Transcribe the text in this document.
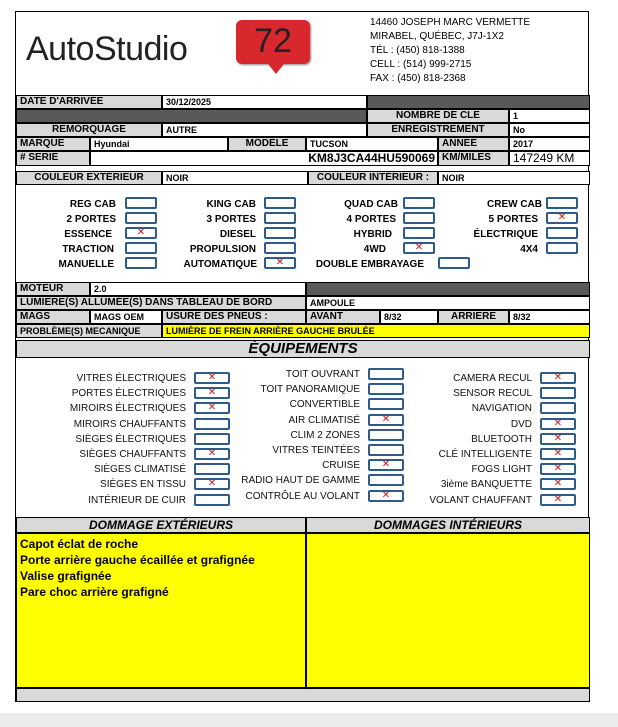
AutoStudio	72	14460 JOSEPH MARC VERMETTE
MIRABEL, QUÉBEC, J7J-1X2
TÉL : (450) 818-1388
CELL : (514) 999-2715
FAX : (450) 818-2368
DATE D'ARRIVÉE	30/12/2025
NOMBRE DE CLE	1
REMORQUAGE	AUTRE	ENREGISTREMENT	No
MARQUE	Hyundai	MODELE	TUCSON	ANNEE	2017
# SERIE	KM8J3CA44HU590069 KM/MILES	147249 KM
COULEUR EXTÉRIEUR	NOIR	COULEUR INTÉRIEUR :	NOIR
REG CAB	KING CAB	QUAD CAB	CREW CAB
2 PORTES	3 PORTES	4 PORTES	5 PORTES	✕
ESSENCE	✕	DIESEL	HYBRID	ÉLECTRIQUE
TRACTION	PROPULSION	4WD	✕	4X4
MANUELLE	AUTOMATIQUE	✕	DOUBLE EMBRAYAGE
MOTEUR	2.0
LUMIERE(S) ALLUMÉE(S) DANS TABLEAU DE BORD	AMPOULE
MAGS	MAGS OEM	USURE DES PNEUS :	AVANT	8/32	ARRIERE	8/32
PROBLÈME(S) MECANIQUE	LUMIÈRE DE FREIN ARRIÈRE GAUCHE BRULÉE
ÉQUIPEMENTS
VITRES ÉLECTRIQUES	✕
PORTES ÉLECTRIQUES	✕
MIROIRS ÉLECTRIQUES	✕
MIROIRS CHAUFFANTS
SIÈGES ÉLECTRIQUES
SIÈGES CHAUFFANTS	✕
SIÈGES CLIMATISÉ
SIÈGES EN TISSU	✕
INTÉRIEUR DE CUIR
TOIT OUVRANT
TOIT PANORAMIQUE
CONVERTIBLE
AIR CLIMATISÉ	✕
CLIM 2 ZONES
VITRES TEINTÉES
CRUISE	✕
RADIO HAUT DE GAMME
CONTRÔLE AU VOLANT	✕
CAMERA RECUL	✕
SENSOR RECUL
NAVIGATION
DVD	✕
BLUETOOTH	✕
CLÉ INTELLIGENTE	✕
FOGS LIGHT	✕
3ième BANQUETTE	✕
VOLANT CHAUFFANT	✕
DOMMAGE EXTÉRIEURS	DOMMAGES INTÉRIEURS
Capot éclat de roche
Porte arrière gauche écaillée et grafignée
Valise grafignée
Pare choc arrière grafigné
